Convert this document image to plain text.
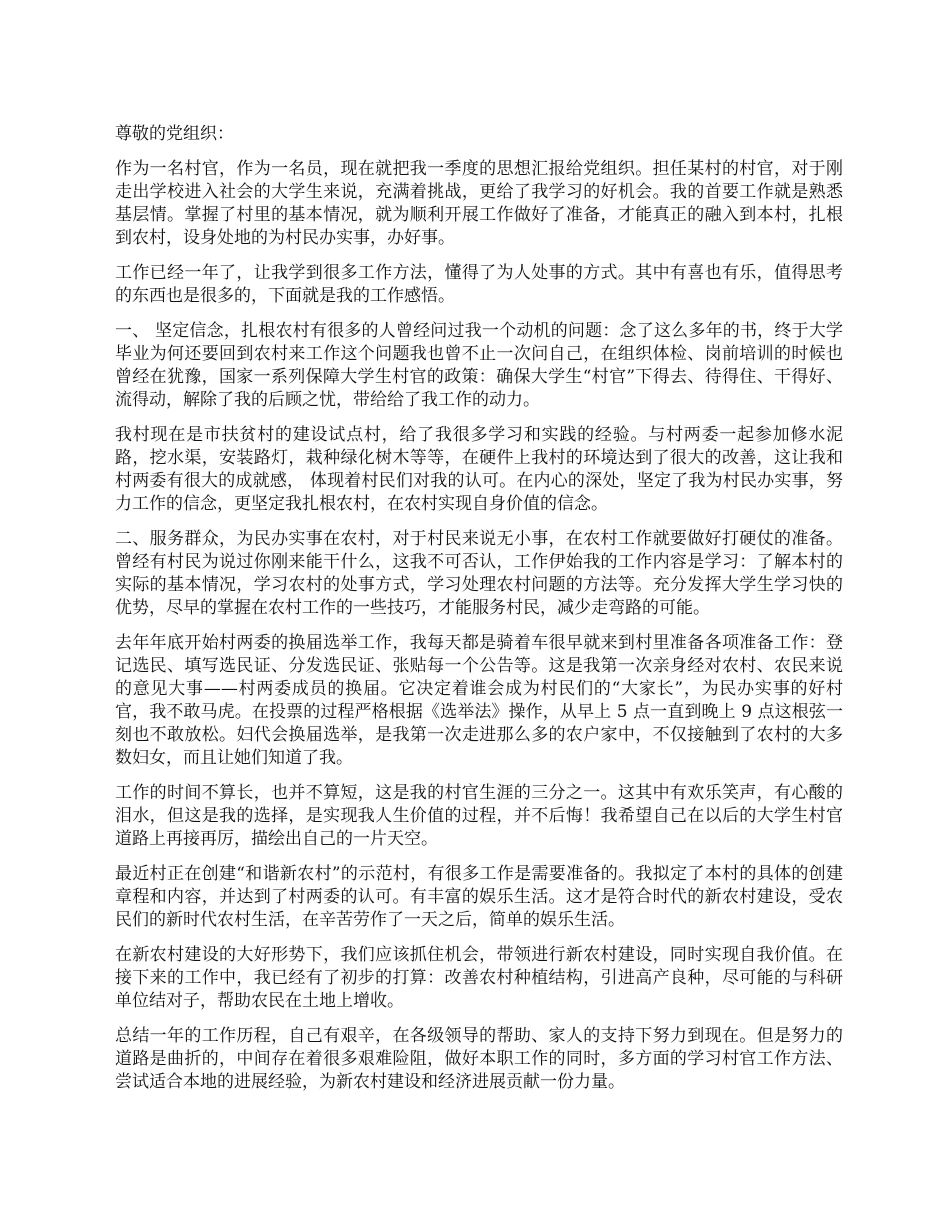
尊敬的党组织：

作为一名村官，作为一名员，现在就把我一季度的思想汇报给党组织。担任某村的村官，对于刚走出学校进入社会的大学生来说，充满着挑战，更给了我学习的好机会。我的首要工作就是熟悉基层情。掌握了村里的基本情况，就为顺利开展工作做好了准备，才能真正的融入到本村，扎根到农村，设身处地的为村民办实事，办好事。

工作已经一年了，让我学到很多工作方法，懂得了为人处事的方式。其中有喜也有乐，值得思考的东西也是很多的，下面就是我的工作感悟。

一、 坚定信念，扎根农村有很多的人曾经问过我一个动机的问题：念了这么多年的书，终于大学毕业为何还要回到农村来工作这个问题我也曾不止一次问自己，在组织体检、岗前培训的时候也曾经在犹豫，国家一系列保障大学生村官的政策：确保大学生“村官”下得去、待得住、干得好、流得动，解除了我的后顾之忧，带给给了我工作的动力。

我村现在是市扶贫村的建设试点村，给了我很多学习和实践的经验。与村两委一起参加修水泥路，挖水渠，安装路灯，栽种绿化树木等等，在硬件上我村的环境达到了很大的改善，这让我和村两委有很大的成就感， 体现着村民们对我的认可。在内心的深处，坚定了我为村民办实事，努力工作的信念，更坚定我扎根农村，在农村实现自身价值的信念。

二、服务群众，为民办实事在农村，对于村民来说无小事，在农村工作就要做好打硬仗的准备。曾经有村民为说过你刚来能干什么，这我不可否认，工作伊始我的工作内容是学习：了解本村的实际的基本情况，学习农村的处事方式，学习处理农村问题的方法等。充分发挥大学生学习快的优势，尽早的掌握在农村工作的一些技巧，才能服务村民，减少走弯路的可能。

去年年底开始村两委的换届选举工作，我每天都是骑着车很早就来到村里准备各项准备工作：登记选民、填写选民证、分发选民证、张贴每一个公告等。这是我第一次亲身经对农村、农民来说的意见大事——村两委成员的换届。它决定着谁会成为村民们的“大家长”，为民办实事的好村官，我不敢马虎。在投票的过程严格根据《选举法》操作，从早上 5 点一直到晚上 9 点这根弦一刻也不敢放松。妇代会换届选举，是我第一次走进那么多的农户家中，不仅接触到了农村的大多数妇女，而且让她们知道了我。

工作的时间不算长，也并不算短，这是我的村官生涯的三分之一。这其中有欢乐笑声，有心酸的泪水，但这是我的选择，是实现我人生价值的过程，并不后悔！我希望自己在以后的大学生村官道路上再接再厉，描绘出自己的一片天空。

最近村正在创建“和谐新农村”的示范村，有很多工作是需要准备的。我拟定了本村的具体的创建章程和内容，并达到了村两委的认可。有丰富的娱乐生活。这才是符合时代的新农村建设，受农民们的新时代农村生活，在辛苦劳作了一天之后，简单的娱乐生活。

在新农村建设的大好形势下，我们应该抓住机会，带领进行新农村建设，同时实现自我价值。在接下来的工作中，我已经有了初步的打算：改善农村种植结构，引进高产良种，尽可能的与科研单位结对子，帮助农民在土地上增收。

总结一年的工作历程，自己有艰辛，在各级领导的帮助、家人的支持下努力到现在。但是努力的道路是曲折的，中间存在着很多艰难险阻，做好本职工作的同时，多方面的学习村官工作方法、尝试适合本地的进展经验，为新农村建设和经济进展贡献一份力量。
